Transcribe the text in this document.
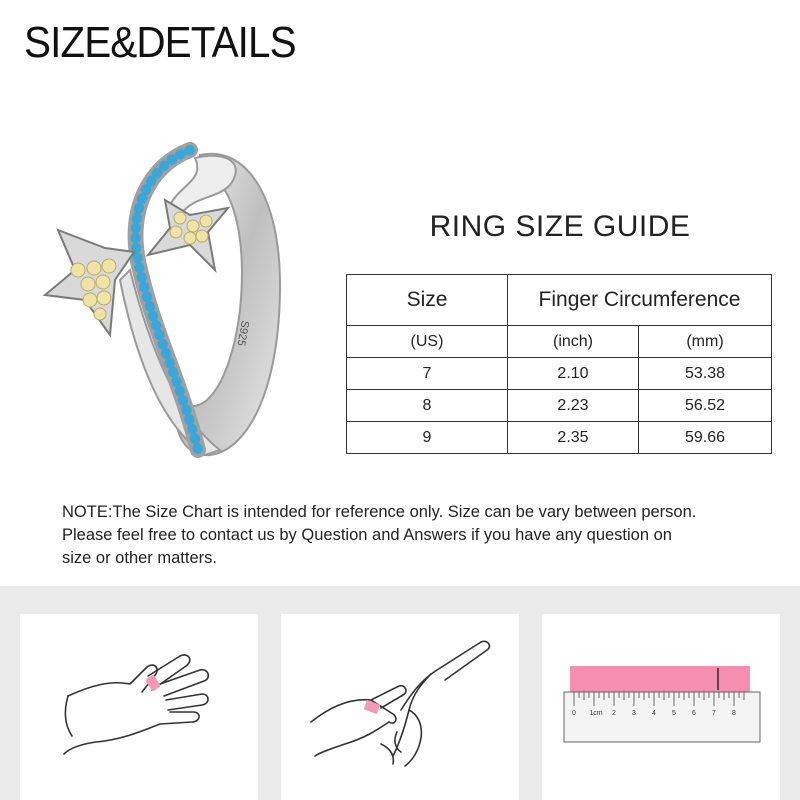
SIZE&DETAILS
S925
RING SIZE GUIDE
Size	Finger Circumference	
(US)	(inch)	(mm)
7	2.10	53.38
8	2.23	56.52
9	2.35	59.66
NOTE:The Size Chart is intended for reference only. Size can be vary between person.
Please feel free to contact us by Question and Answers if you have any question on
size or other matters.
0 1cm 2 3 4 5 6 7 8
